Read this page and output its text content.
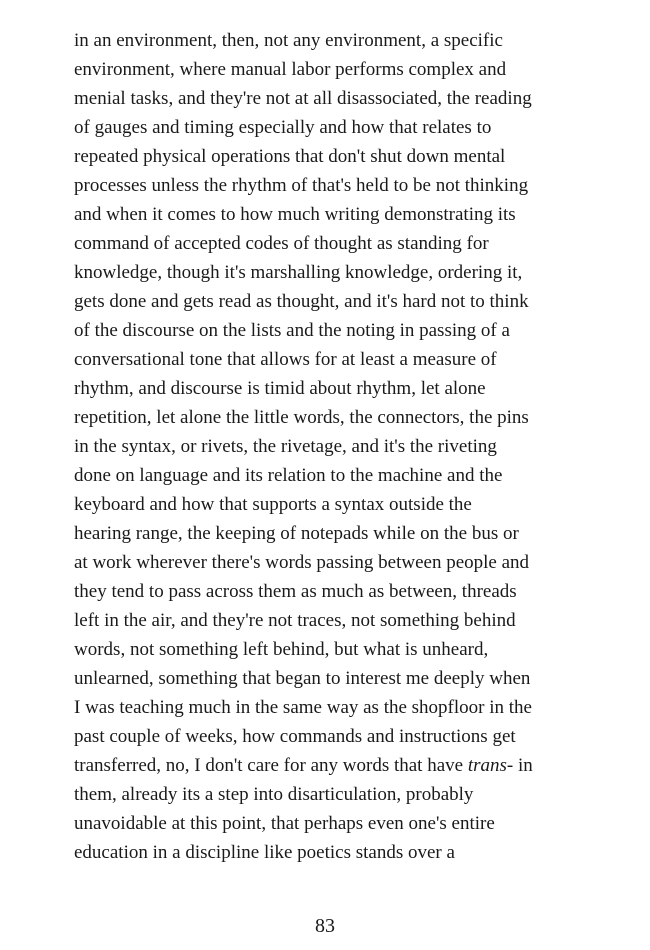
in an environment, then, not any environment, a specific
environment, where manual labor performs complex and
menial tasks, and they're not at all disassociated, the reading
of gauges and timing especially and how that relates to
repeated physical operations that don't shut down mental
processes unless the rhythm of that's held to be not thinking
and when it comes to how much writing demonstrating its
command of accepted codes of thought as standing for
knowledge, though it's marshalling knowledge, ordering it,
gets done and gets read as thought, and it's hard not to think
of the discourse on the lists and the noting in passing of a
conversational tone that allows for at least a measure of
rhythm, and discourse is timid about rhythm, let alone
repetition, let alone the little words, the connectors, the pins
in the syntax, or rivets, the rivetage, and it's the riveting
done on language and its relation to the machine and the
keyboard and how that supports a syntax outside the
hearing range, the keeping of notepads while on the bus or
at work wherever there's words passing between people and
they tend to pass across them as much as between, threads
left in the air, and they're not traces, not something behind
words, not something left behind, but what is unheard,
unlearned, something that began to interest me deeply when
I was teaching much in the same way as the shopfloor in the
past couple of weeks, how commands and instructions get
transferred, no, I don't care for any words that have trans- in
them, already its a step into disarticulation, probably
unavoidable at this point, that perhaps even one's entire
education in a discipline like poetics stands over a
83
